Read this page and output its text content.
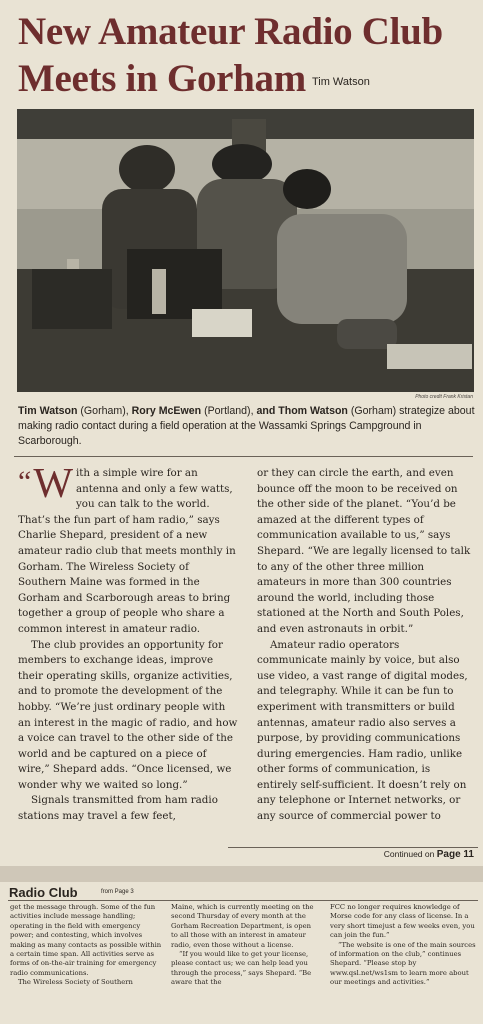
New Amateur Radio Club
Meets in Gorham Tim Watson
Photo credit Frank Kristan

Tim Watson (Gorham), Rory McEwen (Portland), and Thom Watson (Gorham) strategize about making radio contact during a field operation at the Wassamki Springs Campground in Scarborough.

“ W ith a simple wire for an antenna and only a few watts, you can talk to the world. That’s the fun part of ham radio,” says Charlie Shepard, president of a new amateur radio club that meets monthly in Gorham. The Wireless Society of Southern Maine was formed in the Gorham and Scarborough areas to bring together a group of people who share a common interest in amateur radio.

The club provides an opportunity for members to exchange ideas, improve their operating skills, organize activities, and to promote the development of the hobby. “We’re just ordinary people with an interest in the magic of radio, and how a voice can travel to the other side of the world and be captured on a piece of wire,” Shepard adds. “Once licensed, we wonder why we waited so long.”

Signals transmitted from ham radio stations may travel a few feet,

or they can circle the earth, and even bounce off the moon to be received on the other side of the planet. “You’d be amazed at the different types of communication available to us,” says Shepard. “We are legally licensed to talk to any of the other three million amateurs in more than 300 countries around the world, including those stationed at the North and South Poles, and even astronauts in orbit.”

Amateur radio operators communicate mainly by voice, but also use video, a vast range of digital modes, and telegraphy. While it can be fun to experiment with transmitters or build antennas, amateur radio also serves a purpose, by providing communications during emergencies. Ham radio, unlike other forms of communication, is entirely self-sufficient. It doesn’t rely on any telephone or Internet networks, or any source of commercial power to

Continued on Page 11
Radio Club	from Page 3

get the message through. Some of the fun activities include message handling; operating in the field with emergency power; and contesting, which involves making as many contacts as possible within a certain time span. All activities serve as forms of on-the-air training for emergency radio communications.

The Wireless Society of Southern

Maine, which is currently meeting on the second Thursday of every month at the Gorham Recreation Department, is open to all those with an interest in amateur radio, even those without a license.

“If you would like to get your license, please contact us; we can help lead you through the process,” says Shepard. “Be aware that the

FCC no longer requires knowledge of Morse code for any class of license. In a very short timejust a few weeks even, you can join the fun.”

“The website is one of the main sources of information on the club,” continues Shepard. “Please stop by www.qsl.net/ws1sm to learn more about our meetings and activities.”
